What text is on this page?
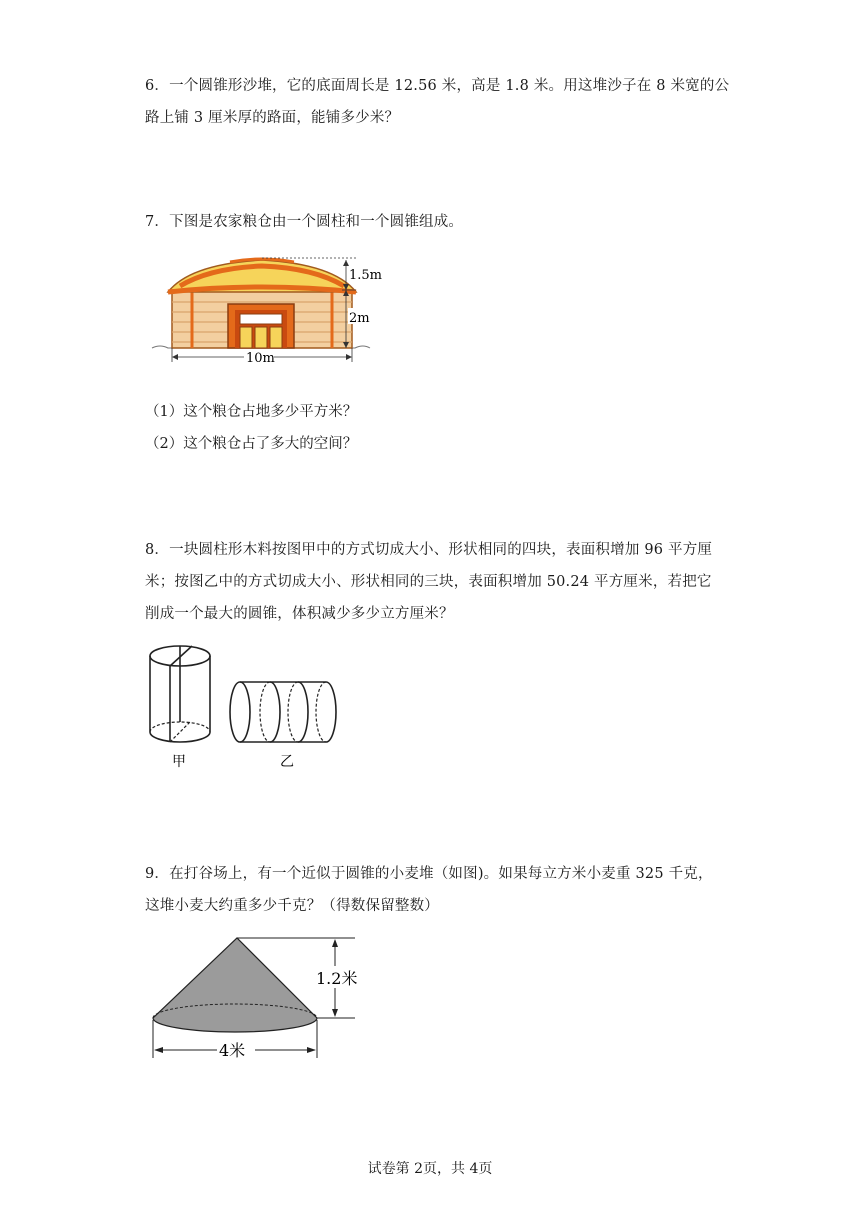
6．一个圆锥形沙堆，它的底面周长是 12.56 米，高是 1.8 米。用这堆沙子在 8 米宽的公
路上铺 3 厘米厚的路面，能铺多少米？
7．下图是农家粮仓由一个圆柱和一个圆锥组成。
1.5m
2m
10m
（1）这个粮仓占地多少平方米？
（2）这个粮仓占了多大的空间？
8．一块圆柱形木料按图甲中的方式切成大小、形状相同的四块，表面积增加 96 平方厘
米；按图乙中的方式切成大小、形状相同的三块，表面积增加 50.24 平方厘米，若把它
削成一个最大的圆锥，体积减少多少立方厘米？
甲	乙
9．在打谷场上，有一个近似于圆锥的小麦堆（如图)。如果每立方米小麦重 325 千克，
这堆小麦大约重多少千克？（得数保留整数）
1.2米
4米
试卷第 2页，共 4页
